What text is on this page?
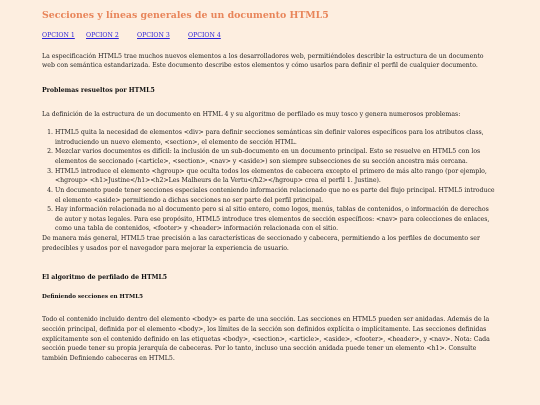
Secciones y líneas generales de un documento HTML5
OPCION 1	OPCION 2	OPCION 3	OPCION 4

La especificación HTML5 trae muchos nuevos elementos a los desarrolladores web, permitiéndoles describir la estructura de un documento web con semántica estandarizada. Este documento describe estos elementos y cómo usarlos para definir el perfil de cualquier documento.

Problemas resueltos por HTML5

La definición de la estructura de un documento en HTML 4 y su algoritmo de perfilado es muy tosco y genera numerosos problemas:

1. HTML5 quita la necesidad de elementos <div> para definir secciones semánticas sin definir valores específicos para los atributos class, introduciendo un nuevo elemento, <section>, el elemento de sección HTML.
2. Mezclar varios documentos es difícil: la inclusión de un sub-documento en un documento principal. Esto se resuelve en HTML5 con los elementos de seccionado (<article>, <section>, <nav> y <aside>) son siempre subsecciones de su sección ancestra más cercana.
3. HTML5 introduce el elemento <hgroup> que oculta todos los elementos de cabecera excepto el primero de más alto rango (por ejemplo, <hgroup> <h1>Justine</h1><h2>Les Malheurs de la Vertu</h2></hgroup> crea el perfil 1. Justine).
4. Un documento puede tener secciones especiales conteniendo información relacionado que no es parte del flujo principal. HTML5 introduce el elemento <aside> permitiendo a dichas secciones no ser parte del perfil principal.
5. Hay información relacionada no al documento pero si al sitio entero, como logos, menús, tablas de contenidos, o información de derechos de autor y notas legales. Para ese propósito, HTML5 introduce tres elementos de sección específicos: <nav> para colecciones de enlaces, como una tabla de contenidos, <footer> y <header> información relacionada con el sitio.

De manera más general, HTML5 trae precisión a las características de seccionado y cabecera, permitiendo a los perfiles de documento ser predecibles y usados por el navegador para mejorar la experiencia de usuario.

El algoritmo de perfilado de HTML5
Definiendo secciones en HTML5

Todo el contenido incluido dentro del elemento <body> es parte de una sección. Las secciones en HTML5 pueden ser anidadas. Además de la sección principal, definida por el elemento <body>, los límites de la sección son definidos explícita o implícitamente. Las secciones definidas explícitamente son el contenido definido en las etiquetas <body>, <section>, <article>, <aside>, <footer>, <header>, y <nav>. Nota: Cada sección puede tener su propia jerarquía de cabeceras. Por lo tanto, incluso una sección anidada puede tener un elemento <h1>. Consulte también Definiendo cabeceras en HTML5.
